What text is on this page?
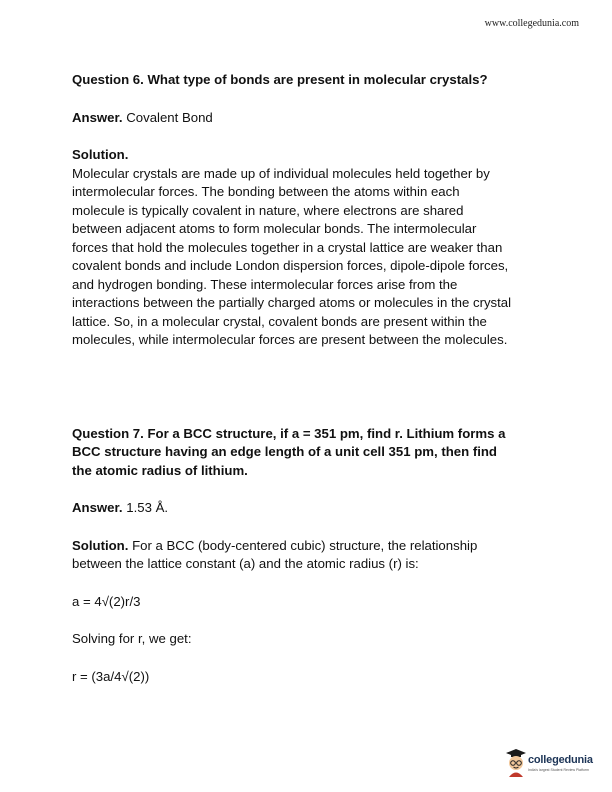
www.collegedunia.com

Question 6. What type of bonds are present in molecular crystals?

Answer. Covalent Bond

Solution.

Molecular crystals are made up of individual molecules held together by

intermolecular forces. The bonding between the atoms within each

molecule is typically covalent in nature, where electrons are shared

between adjacent atoms to form molecular bonds. The intermolecular

forces that hold the molecules together in a crystal lattice are weaker than

covalent bonds and include London dispersion forces, dipole-dipole forces,

and hydrogen bonding. These intermolecular forces arise from the

interactions between the partially charged atoms or molecules in the crystal

lattice. So, in a molecular crystal, covalent bonds are present within the

molecules, while intermolecular forces are present between the molecules.

Question 7. For a BCC structure, if a = 351 pm, find r. Lithium forms a

BCC structure having an edge length of a unit cell 351 pm, then find

the atomic radius of lithium.

Answer. 1.53 Å.

Solution. For a BCC (body-centered cubic) structure, the relationship

between the lattice constant (a) and the atomic radius (r) is:

a = 4√(2)r/3

Solving for r, we get:

r = (3a/4√(2))

collegedunia
India's largest Student Review Platform
